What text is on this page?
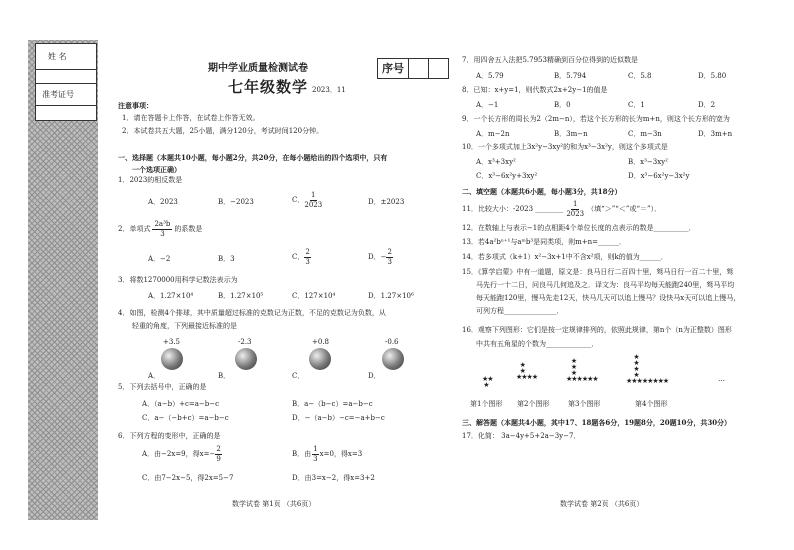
姓 名
准考证号
期中学业质量检测试卷
七年级数学 2023．11
序号
注意事项：
1．请在答题卡上作答，在试卷上作答无效。
2．本试卷共五大题，25小题，满分120分，考试时间120分钟。
一、选择题（本题共10小题，每小题2分，共20分，在每小题给出的四个选项中，只有
一个选项正确）
1．2023的相反数是
A．2023	B．−2023	C． $\frac{1}{2023}$	D．±2023
2．单项式 $\frac{\text{2a³b}}{3}$ 的系数是
A．−2	B．3	C． $\frac{2}{3}$	D．− $\frac{2}{3}$
3．将数1270000用科学记数法表示为
A．1.27×10⁴	B．1.27×10⁵	C．127×10⁴	D．1.27×10⁶
4．如图，检测4个排球，其中质量超过标准的克数记为正数，不足的克数记为负数，从
轻重的角度，下列最接近标准的是
+3.5	-2.3	+0.8	-0.6
A．	B．	C．	D．
5．下列去括号中，正确的是
A．（a−b）+c=a−b−c	B．a−（b−c）=a−b−c
C．a−（−b+c）=a−b−c	D．−（a−b）−c=−a+b−c
6．下列方程的变形中，正确的是
A．由−2x=9，得$x=- \frac{2}{9}$	B．由 $\frac{1}{3} x=0$，得x=3
C．由7−2x−5，得2x=5−7	D．由3=x−2，得x=3+2
数学试卷 第1页 （共6页）
7．用四舍五入法把5.7953精确到百分位得到的近似数是
A．5.79	B．5.794	C．5.8	D．5.80
8．已知：x+y=1，则代数式2x+2y−1的值是
A．−1	B．0	C．1	D．2
9．一个长方形的周长为2（2m−n），若这个长方形的长为m+n，则这个长方形的宽为
A．m−2n	B．3m−n	C．m−3n	D．3m+n
10．一个多项式加上3x²y−3xy²的和为x³−3x²y，则这个多项式是
A．x³+3xy²	B．x³−3xy²
C．x³−6x²y+3xy²	D．x³−6x²y−3x²y
二、填空题（本题共6小题，每小题3分，共18分）
11．比较大小：-2023 ________ $\frac{1}{2023}$ （填“＞”“＜”或“＝”）．
12．在数轴上与表示−1的点相距4个单位长度的点表示的数是__________．
13．若4a²bⁿ⁺¹与aᵐb³是同类项，则m+n=______．
14．若多项式（k+1）x²−3x+1中不含x²项，则k的值为______．
15．《算学启蒙》中有一道题，原文是：良马日行二百四十里，驽马日行一百二十里，驽
马先行一十二日，问良马几何追及之．译文为：良马平均每天能跑240里，驽马平均
每天能跑120里，慢马先走12天，快马几天可以追上慢马？设快马x天可以追上慢马，
可列方程_______________．
16．观察下列图形：它们是按一定规律排列的，依照此规律，第n个（n为正整数）图形
中共有五角星的个数为_____________．
★★
★
★
★
★★★★
★
★
★
★★★★★★
★
★
★
★
★★★★★★★★	…
第1个图形 第2个图形	第3个图形	第4个图形
三、解答题（本题共4小题，其中17、18题各6分，19题8分，20题10分，共30分）
17．化简： 3a−4y+5+2a−3y−7．
数学试卷 第2页 （共6页）
